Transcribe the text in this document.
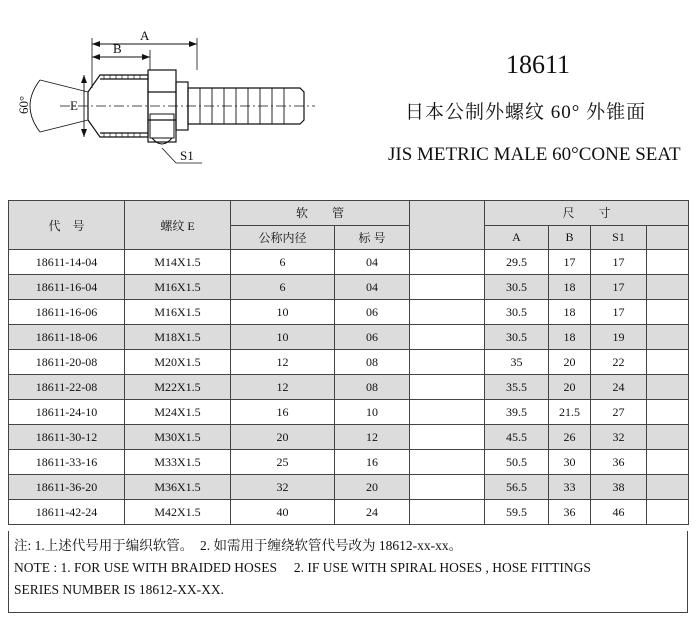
A
B
60°	E
S1
18611
日本公制外螺纹 60° 外锥面
JIS METRIC MALE 60°CONE SEAT
代　号	螺纹 E	软　　管			尺　　寸			
		公称内径	标 号		A	B	S1	
18611-14-04	M14X1.5	6	04		29.5	17	17	
18611-16-04	M16X1.5	6	04		30.5	18	17	
18611-16-06	M16X1.5	10	06		30.5	18	17	
18611-18-06	M18X1.5	10	06		30.5	18	19	
18611-20-08	M20X1.5	12	08		35	20	22	
18611-22-08	M22X1.5	12	08		35.5	20	24	
18611-24-10	M24X1.5	16	10		39.5	21.5	27	
18611-30-12	M30X1.5	20	12		45.5	26	32	
18611-33-16	M33X1.5	25	16		50.5	30	36	
18611-36-20	M36X1.5	32	20		56.5	33	38	
18611-42-24	M42X1.5	40	24		59.5	36	46	
注: 1.上述代号用于编织软管。　2. 如需用于缠绕软管代号改为 18612-xx-xx。
NOTE : 1. FOR USE WITH BRAIDED HOSES　 2. IF USE WITH SPIRAL HOSES , HOSE FITTINGS
SERIES NUMBER IS 18612-XX-XX.
